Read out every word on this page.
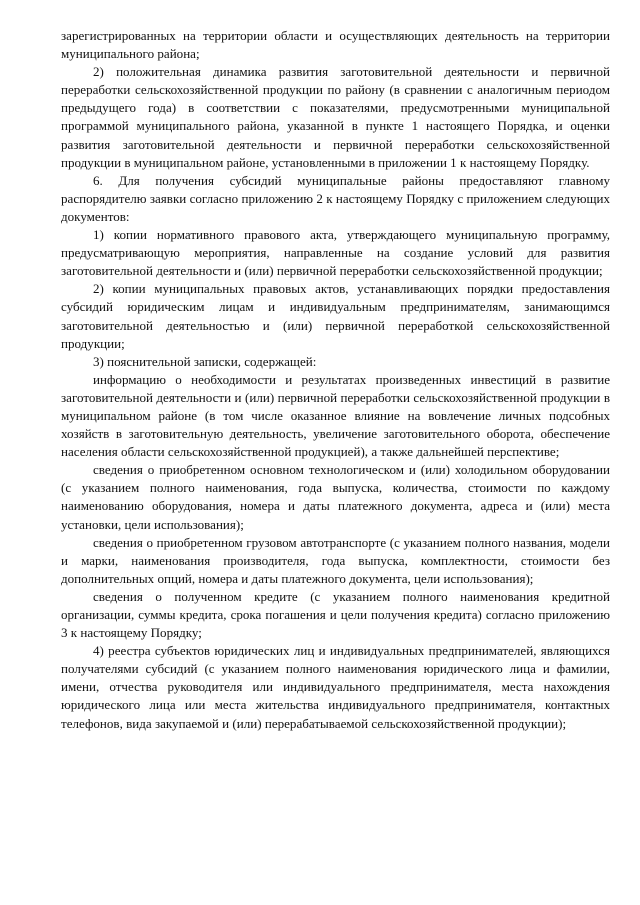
зарегистрированных на территории области и осуществляющих деятельность на территории муниципального района;

2) положительная динамика развития заготовительной деятельности и первичной переработки сельскохозяйственной продукции по району (в сравнении с аналогичным периодом предыдущего года) в соответствии с показателями, предусмотренными муниципальной программой муниципального района, указанной в пункте 1 настоящего Порядка, и оценки развития заготовительной деятельности и первичной переработки сельскохозяйственной продукции в муниципальном районе, установленными в приложении 1 к настоящему Порядку.

6. Для получения субсидий муниципальные районы предоставляют главному распорядителю заявки согласно приложению 2 к настоящему Порядку с приложением следующих документов:

1) копии нормативного правового акта, утверждающего муниципальную программу, предусматривающую мероприятия, направленные на создание условий для развития заготовительной деятельности и (или) первичной переработки сельскохозяйственной продукции;

2) копии муниципальных правовых актов, устанавливающих порядки предоставления субсидий юридическим лицам и индивидуальным предпринимателям, занимающимся заготовительной деятельностью и (или) первичной переработкой сельскохозяйственной продукции;

3) пояснительной записки, содержащей:

информацию о необходимости и результатах произведенных инвестиций в развитие заготовительной деятельности и (или) первичной переработки сельскохозяйственной продукции в муниципальном районе (в том числе оказанное влияние на вовлечение личных подсобных хозяйств в заготовительную деятельность, увеличение заготовительного оборота, обеспечение населения области сельскохозяйственной продукцией), а также дальнейшей перспективе;

сведения о приобретенном основном технологическом и (или) холодильном оборудовании (с указанием полного наименования, года выпуска, количества, стоимости по каждому наименованию оборудования, номера и даты платежного документа, адреса и (или) места установки, цели использования);

сведения о приобретенном грузовом автотранспорте (с указанием полного названия, модели и марки, наименования производителя, года выпуска, комплектности, стоимости без дополнительных опций, номера и даты платежного документа, цели использования);

сведения о полученном кредите (с указанием полного наименования кредитной организации, суммы кредита, срока погашения и цели получения кредита) согласно приложению 3 к настоящему Порядку;

4) реестра субъектов юридических лиц и индивидуальных предпринимателей, являющихся получателями субсидий (с указанием полного наименования юридического лица и фамилии, имени, отчества руководителя или индивидуального предпринимателя, места нахождения юридического лица или места жительства индивидуального предпринимателя, контактных телефонов, вида закупаемой и (или) перерабатываемой сельскохозяйственной продукции);
